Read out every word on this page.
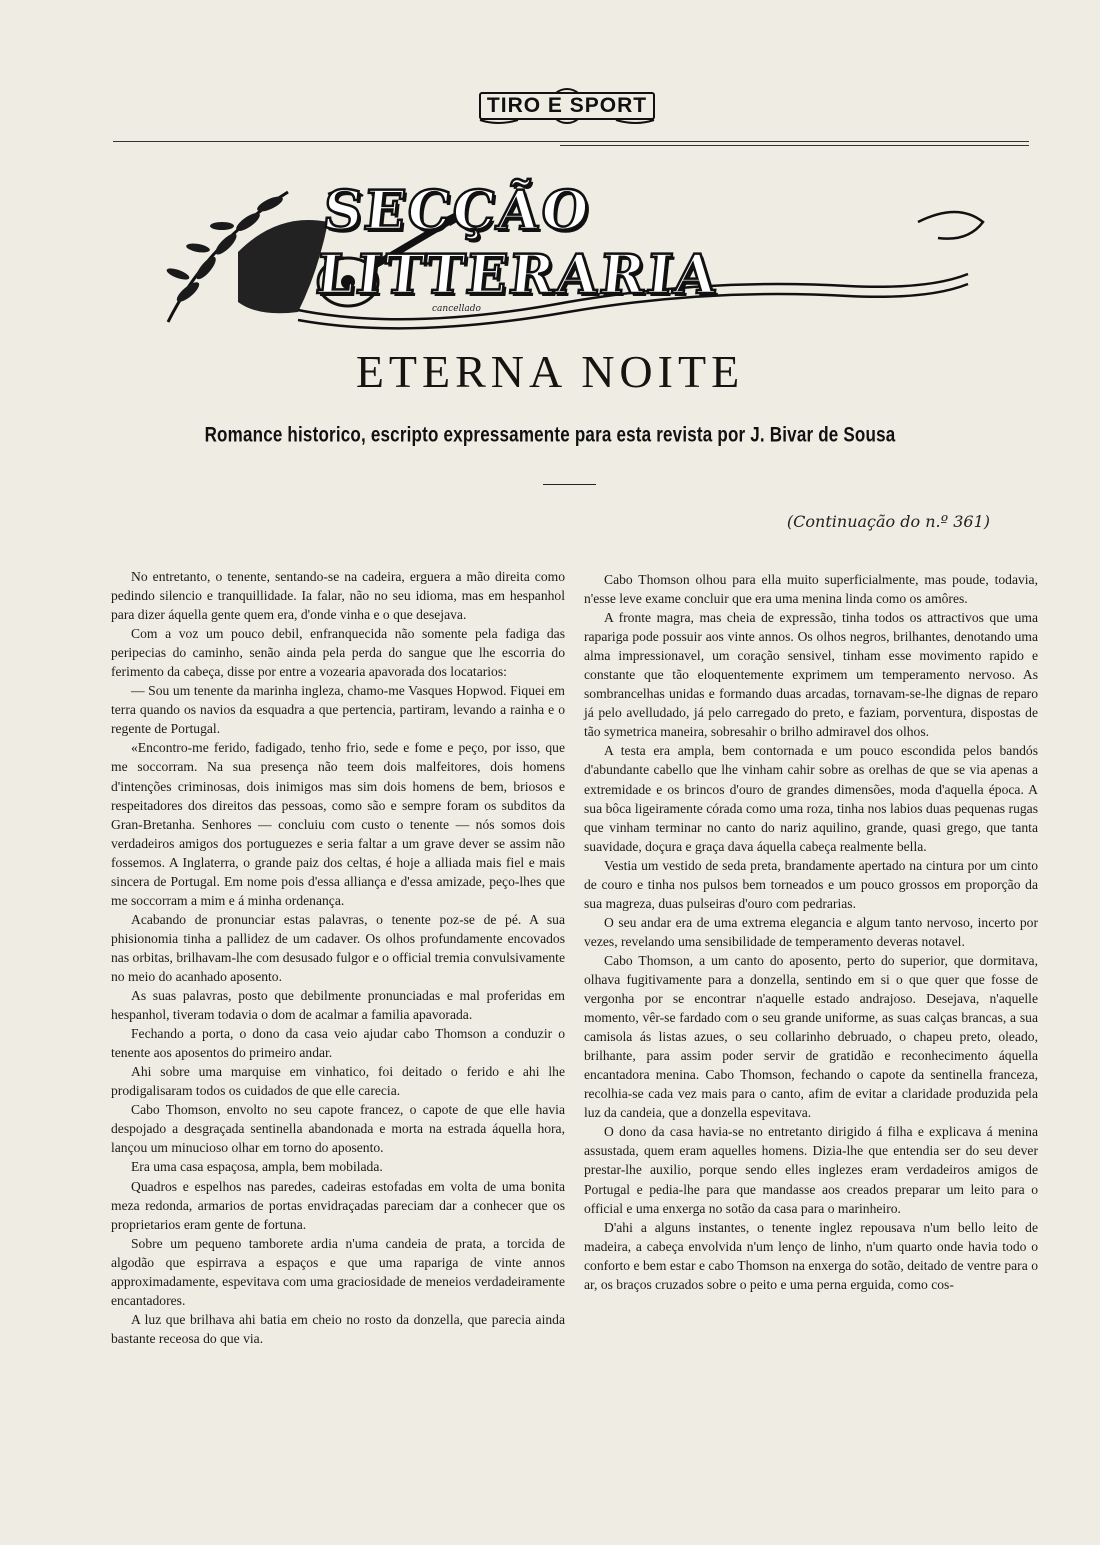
TIRO E SPORT
SECÇÃO LITTERARIA
cancellado
ETERNA NOITE
Romance historico, escripto expressamente para esta revista por J. Bivar de Sousa
(Continuação do n.º 361)

No entretanto, o tenente, sentando-se na cadeira, erguera a mão direita como pedindo silencio e tranquillidade. Ia falar, não no seu idioma, mas em hespanhol para dizer áquella gente quem era, d'onde vinha e o que desejava.

Com a voz um pouco debil, enfranquecida não somente pela fadiga das peripecias do caminho, senão ainda pela perda do sangue que lhe escorria do ferimento da cabeça, disse por entre a vozearia apavorada dos locatarios:

— Sou um tenente da marinha ingleza, chamo-me Vasques Hopwod. Fiquei em terra quando os navios da esquadra a que pertencia, partiram, levando a rainha e o regente de Portugal.

«Encontro-me ferido, fadigado, tenho frio, sede e fome e peço, por isso, que me soccorram. Na sua presença não teem dois malfeitores, dois homens d'intenções criminosas, dois inimigos mas sim dois homens de bem, briosos e respeitadores dos direitos das pessoas, como são e sempre foram os subditos da Gran-Bretanha. Senhores — concluiu com custo o tenente — nós somos dois verdadeiros amigos dos portuguezes e seria faltar a um grave dever se assim não fossemos. A Inglaterra, o grande paiz dos celtas, é hoje a alliada mais fiel e mais sincera de Portugal. Em nome pois d'essa alliança e d'essa amizade, peço-lhes que me soccorram a mim e á minha ordenança.

Acabando de pronunciar estas palavras, o tenente poz-se de pé. A sua phisionomia tinha a pallidez de um cadaver. Os olhos profundamente encovados nas orbitas, brilhavam-lhe com desusado fulgor e o official tremia convulsivamente no meio do acanhado aposento.

As suas palavras, posto que debilmente pronunciadas e mal proferidas em hespanhol, tiveram todavia o dom de acalmar a familia apavorada.

Fechando a porta, o dono da casa veio ajudar cabo Thomson a conduzir o tenente aos aposentos do primeiro andar.

Ahi sobre uma marquise em vinhatico, foi deitado o ferido e ahi lhe prodigalisaram todos os cuidados de que elle carecia.

Cabo Thomson, envolto no seu capote francez, o capote de que elle havia despojado a desgraçada sentinella abandonada e morta na estrada áquella hora, lançou um minucioso olhar em torno do aposento.

Era uma casa espaçosa, ampla, bem mobilada.

Quadros e espelhos nas paredes, cadeiras estofadas em volta de uma bonita meza redonda, armarios de portas envidraçadas pareciam dar a conhecer que os proprietarios eram gente de fortuna.

Sobre um pequeno tamborete ardia n'uma candeia de prata, a torcida de algodão que espirrava a espaços e que uma rapariga de vinte annos approximadamente, espevitava com uma graciosidade de meneios verdadeiramente encantadores.

A luz que brilhava ahi batia em cheio no rosto da donzella, que parecia ainda bastante receosa do que via.

Cabo Thomson olhou para ella muito superficialmente, mas poude, todavia, n'esse leve exame concluir que era uma menina linda como os amôres.

A fronte magra, mas cheia de expressão, tinha todos os attractivos que uma rapariga pode possuir aos vinte annos. Os olhos negros, brilhantes, denotando uma alma impressionavel, um coração sensivel, tinham esse movimento rapido e constante que tão eloquentemente exprimem um temperamento nervoso. As sombrancelhas unidas e formando duas arcadas, tornavam-se-lhe dignas de reparo já pelo avelludado, já pelo carregado do preto, e faziam, porventura, dispostas de tão symetrica maneira, sobresahir o brilho admiravel dos olhos.

A testa era ampla, bem contornada e um pouco escondida pelos bandós d'abundante cabello que lhe vinham cahir sobre as orelhas de que se via apenas a extremidade e os brincos d'ouro de grandes dimensões, moda d'aquella época. A sua bôca ligeiramente córada como uma roza, tinha nos labios duas pequenas rugas que vinham terminar no canto do nariz aquilino, grande, quasi grego, que tanta suavidade, doçura e graça dava áquella cabeça realmente bella.

Vestia um vestido de seda preta, brandamente apertado na cintura por um cinto de couro e tinha nos pulsos bem torneados e um pouco grossos em proporção da sua magreza, duas pulseiras d'ouro com pedrarias.

O seu andar era de uma extrema elegancia e algum tanto nervoso, incerto por vezes, revelando uma sensibilidade de temperamento deveras notavel.

Cabo Thomson, a um canto do aposento, perto do superior, que dormitava, olhava fugitivamente para a donzella, sentindo em si o que quer que fosse de vergonha por se encontrar n'aquelle estado andrajoso. Desejava, n'aquelle momento, vêr-se fardado com o seu grande uniforme, as suas calças brancas, a sua camisola ás listas azues, o seu collarinho debruado, o chapeu preto, oleado, brilhante, para assim poder servir de gratidão e reconhecimento áquella encantadora menina. Cabo Thomson, fechando o capote da sentinella franceza, recolhia-se cada vez mais para o canto, afim de evitar a claridade produzida pela luz da candeia, que a donzella espevitava.

O dono da casa havia-se no entretanto dirigido á filha e explicava á menina assustada, quem eram aquelles homens. Dizia-lhe que entendia ser do seu dever prestar-lhe auxilio, porque sendo elles inglezes eram verdadeiros amigos de Portugal e pedia-lhe para que mandasse aos creados preparar um leito para o official e uma enxerga no sotão da casa para o marinheiro.

D'ahi a alguns instantes, o tenente inglez repousava n'um bello leito de madeira, a cabeça envolvida n'um lenço de linho, n'um quarto onde havia todo o conforto e bem estar e cabo Thomson na enxerga do sotão, deitado de ventre para o ar, os braços cruzados sobre o peito e uma perna erguida, como cos-
